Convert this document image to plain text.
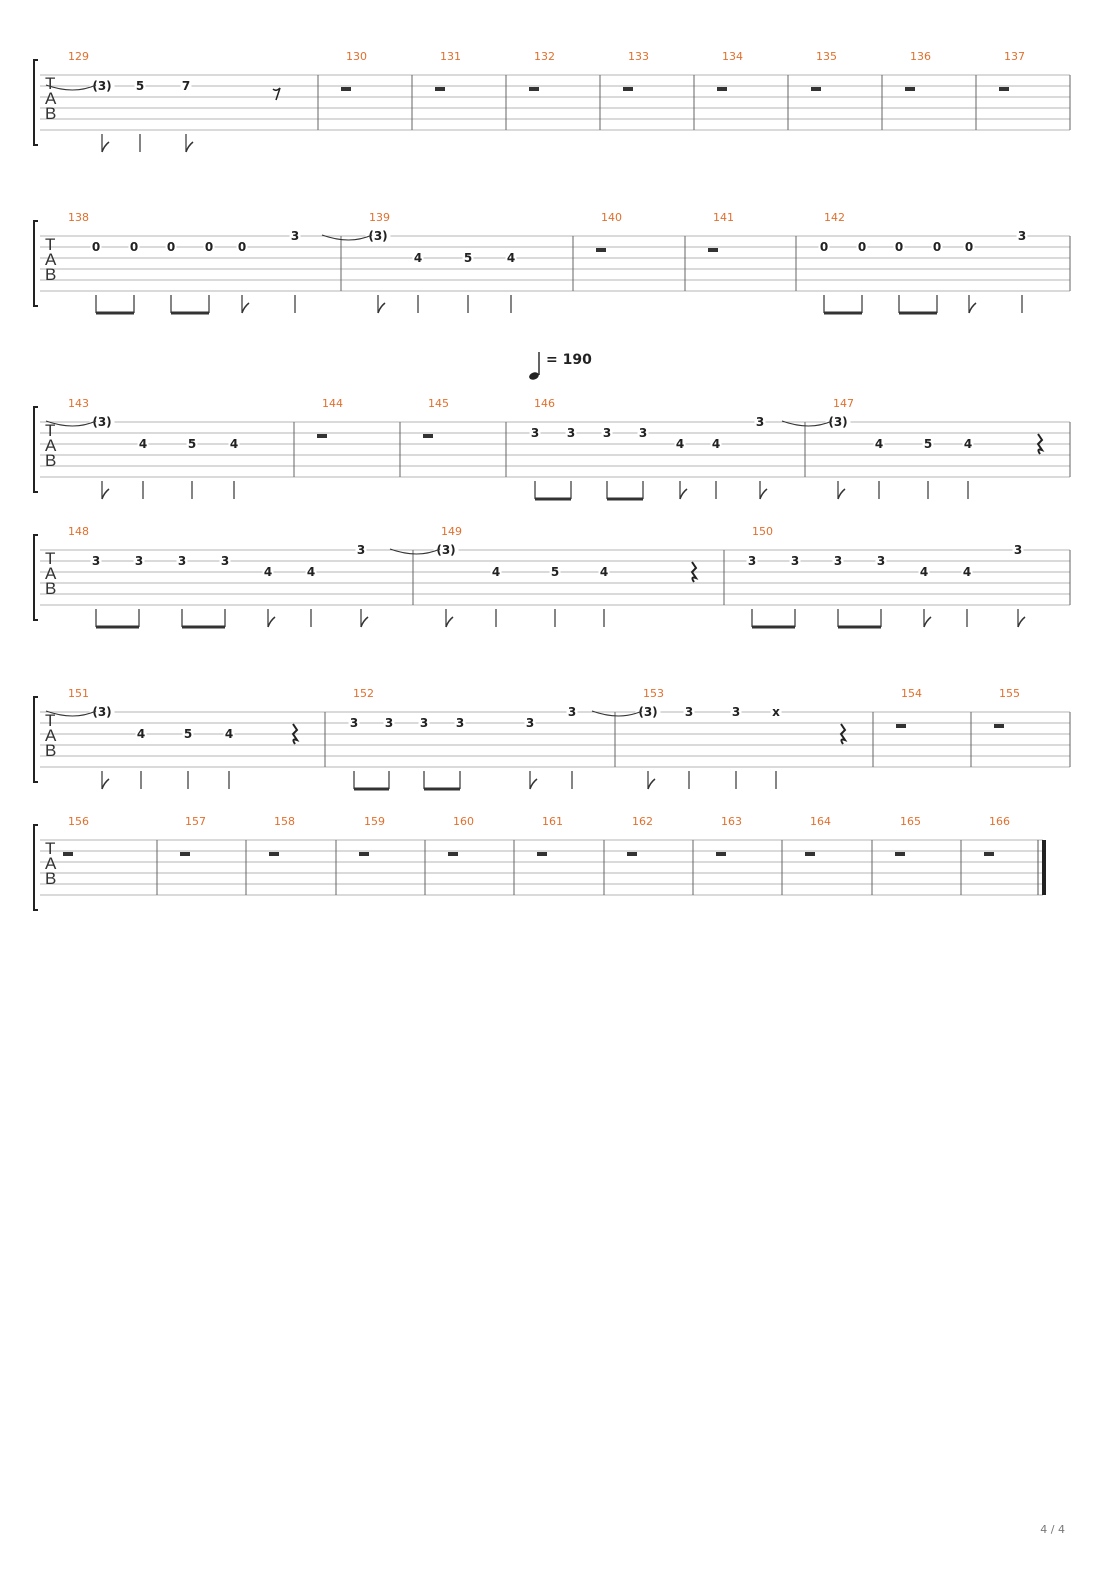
T
A
B
129
(3) 5	7
130	131	132	133	134	135	136	137
T
A
B
138
0 0 0 0 0
3
139
(3)
4	5	4
140	141	142
0 0 0 0 0
3
T
A
B
143
(3)
4	5	4
144	145	146
3 3 3 3
4 4
3
147
(3)
4	5	4
T
A
B
148
3	3	3	3
4	4
3
149
(3)
4	5	4
150
3	3	3	3
4	4
3
T
A
B
151
(3)
4	5	4
152
3 3 3 3	3
3
153
(3) 3	3	x
154	155
T
A
B
156	157	158	159	160	161	162	163	164	165	166
= 190
4 / 4
